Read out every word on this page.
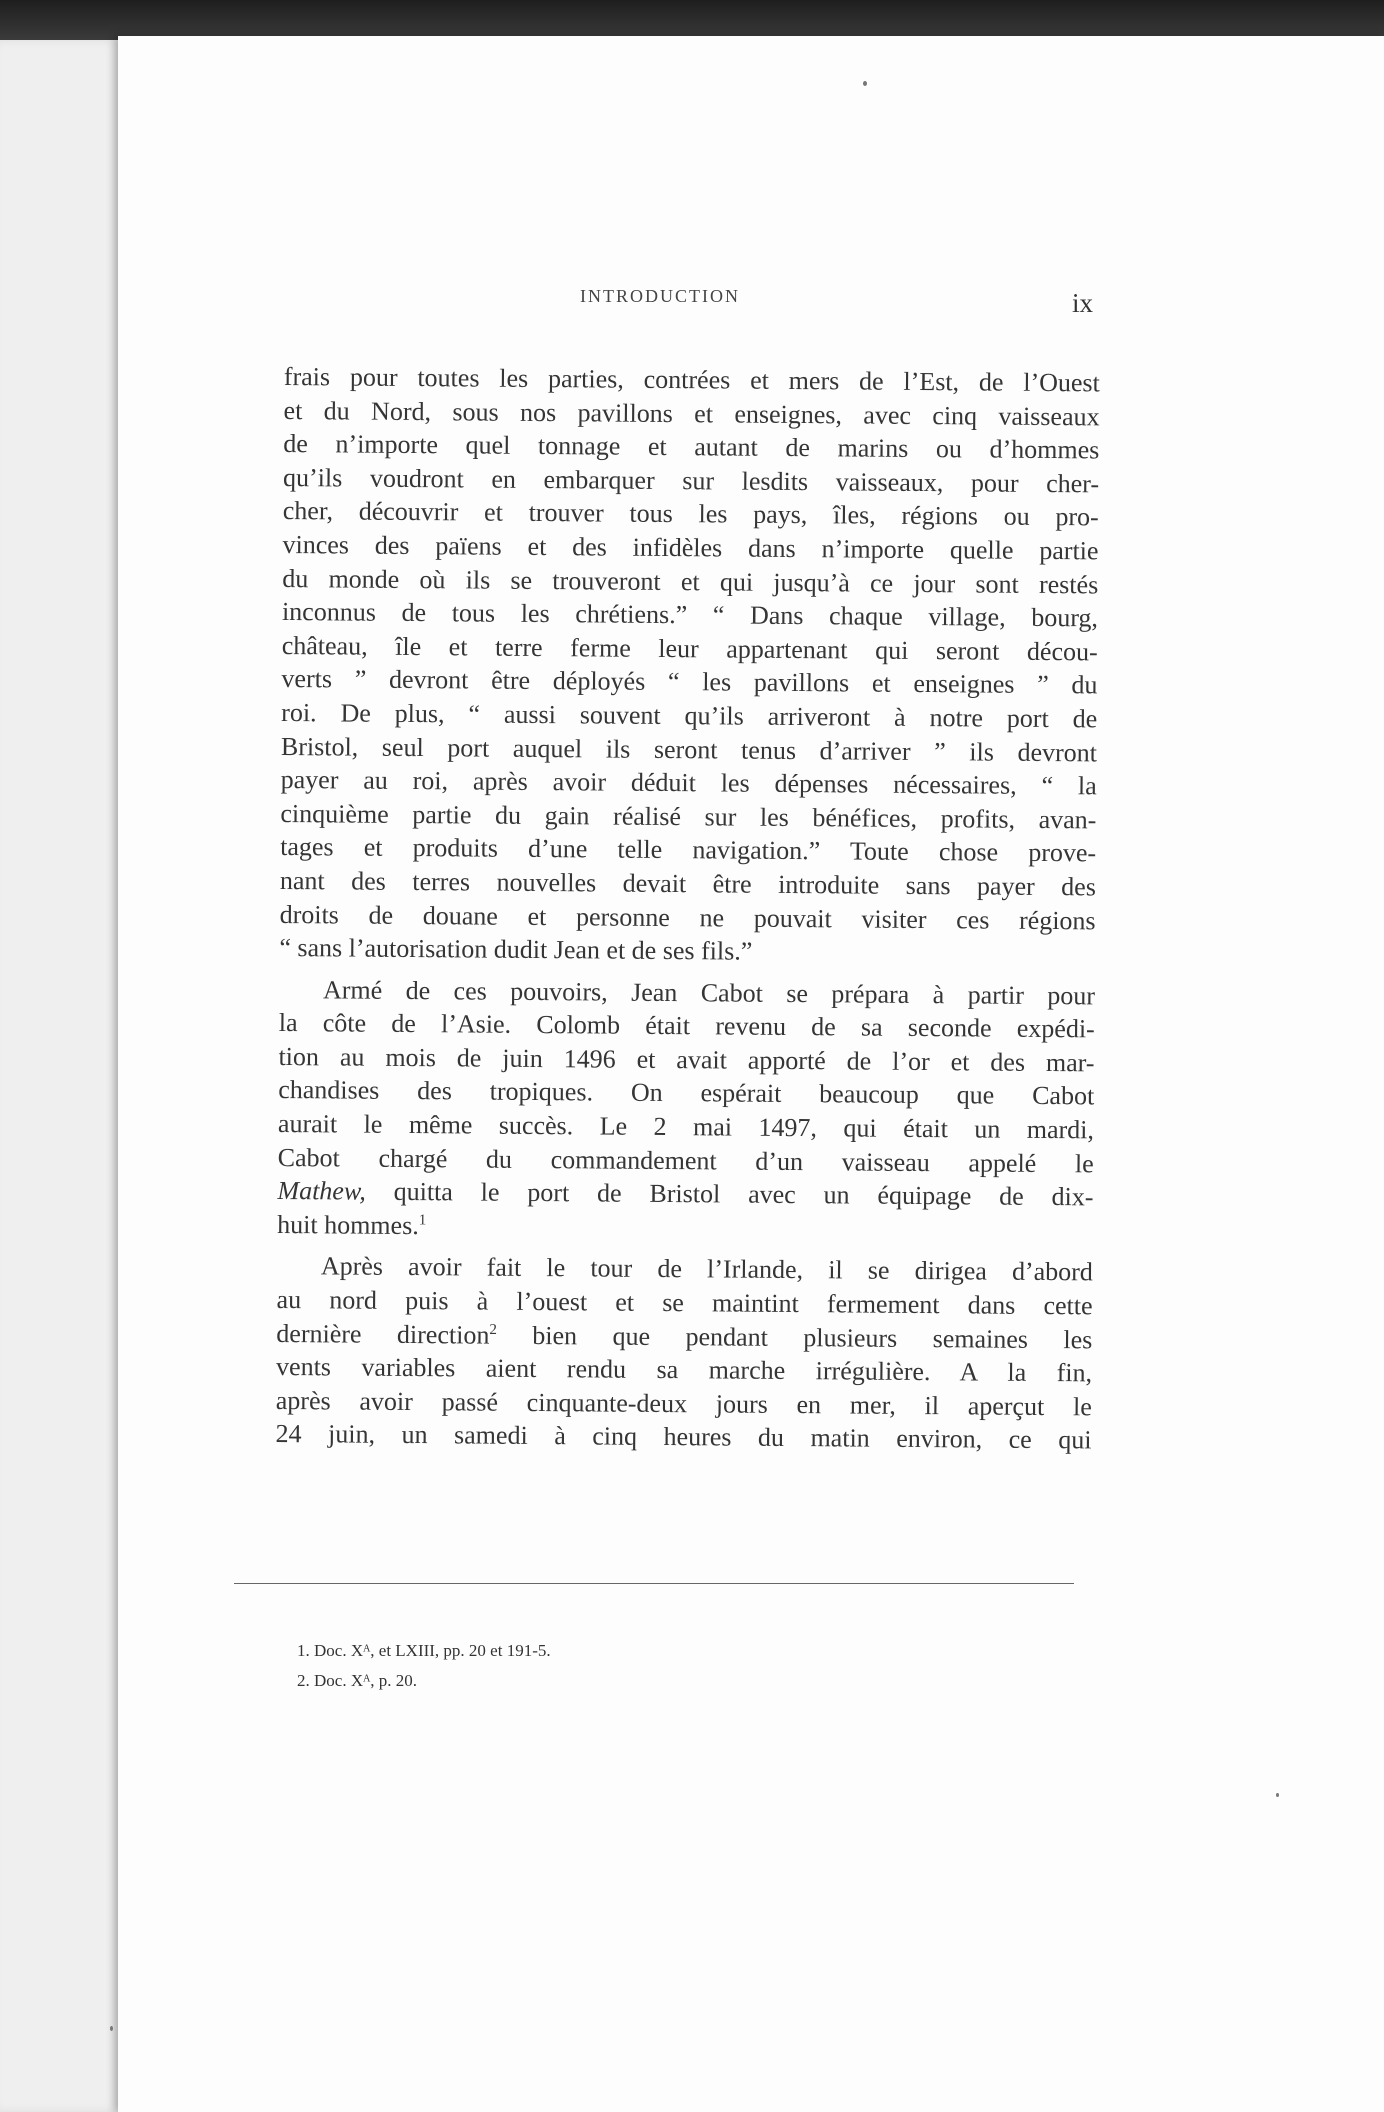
INTRODUCTION	ix
frais pour toutes les parties, contrées et mers de l’Est, de l’Ouest
et du Nord, sous nos pavillons et enseignes, avec cinq vaisseaux
de n’importe quel tonnage et autant de marins ou d’hommes
qu’ils voudront en embarquer sur lesdits vaisseaux, pour cher-
cher, découvrir et trouver tous les pays, îles, régions ou pro-
vinces des païens et des infidèles dans n’importe quelle partie
du monde où ils se trouveront et qui jusqu’à ce jour sont restés
inconnus de tous les chrétiens.” “ Dans chaque village, bourg,
château, île et terre ferme leur appartenant qui seront décou-
verts ” devront être déployés “ les pavillons et enseignes ” du
roi. De plus, “ aussi souvent qu’ils arriveront à notre port de
Bristol, seul port auquel ils seront tenus d’arriver ” ils devront
payer au roi, après avoir déduit les dépenses nécessaires, “ la
cinquième partie du gain réalisé sur les bénéfices, profits, avan-
tages et produits d’une telle navigation.” Toute chose prove-
nant des terres nouvelles devait être introduite sans payer des
droits de douane et personne ne pouvait visiter ces régions
“ sans l’autorisation dudit Jean et de ses fils.”
Armé de ces pouvoirs, Jean Cabot se prépara à partir pour
la côte de l’Asie. Colomb était revenu de sa seconde expédi-
tion au mois de juin 1496 et avait apporté de l’or et des mar-
chandises des tropiques. On espérait beaucoup que Cabot
aurait le même succès. Le 2 mai 1497, qui était un mardi,
Cabot chargé du commandement d’un vaisseau appelé le
Mathew, quitta le port de Bristol avec un équipage de dix-
huit hommes.$^1$
Après avoir fait le tour de l’Irlande, il se dirigea d’abord
au nord puis à l’ouest et se maintint fermement dans cette
dernière direction$^2$ bien que pendant plusieurs semaines les
vents variables aient rendu sa marche irrégulière. A la fin,
après avoir passé cinquante-deux jours en mer, il aperçut le
24 juin, un samedi à cinq heures du matin environ, ce qui
1. Doc. Xᴬ, et LXIII, pp. 20 et 191-5.
2. Doc. Xᴬ, p. 20.
